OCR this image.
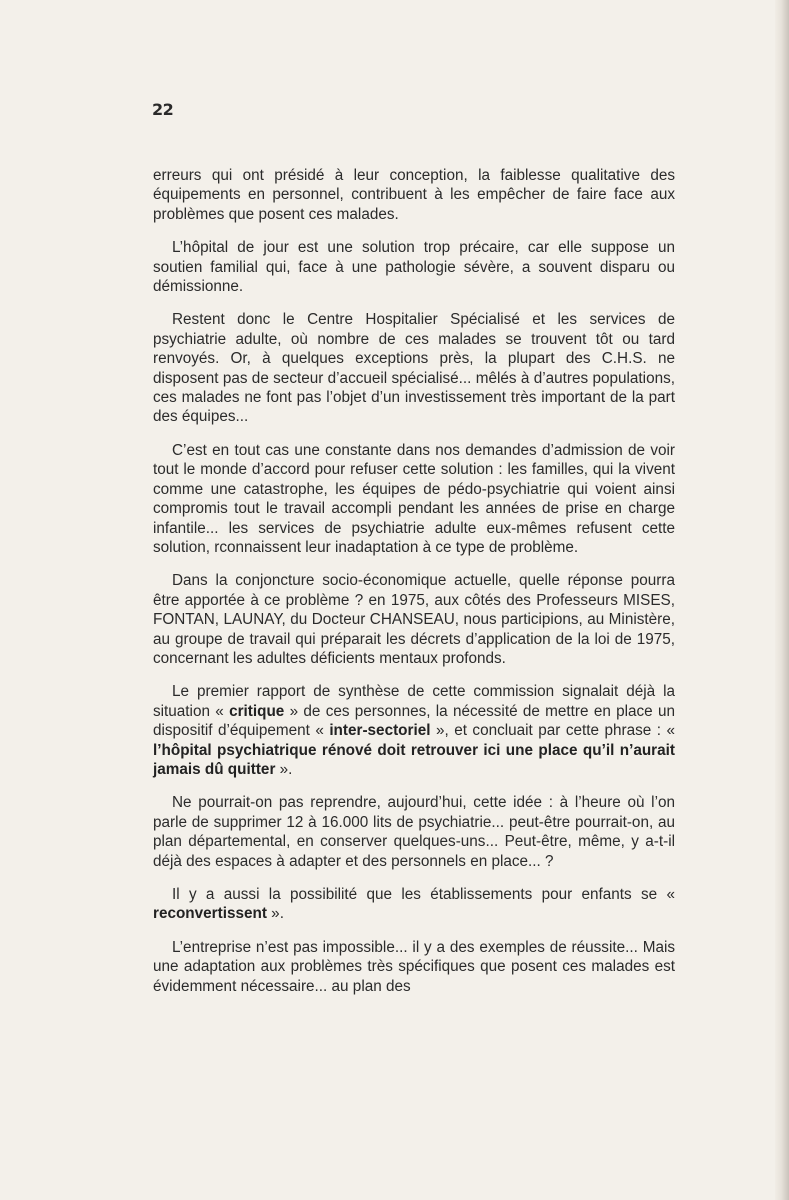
22

erreurs qui ont présidé à leur conception, la faiblesse qualitative des équipements en personnel, contribuent à les empêcher de faire face aux problèmes que posent ces malades.

L’hôpital de jour est une solution trop précaire, car elle suppose un soutien familial qui, face à une pathologie sévère, a souvent disparu ou démissionne.

Restent donc le Centre Hospitalier Spécialisé et les services de psychiatrie adulte, où nombre de ces malades se trouvent tôt ou tard renvoyés. Or, à quelques exceptions près, la plupart des C.H.S. ne disposent pas de secteur d’accueil spécialisé... mêlés à d’autres populations, ces malades ne font pas l’objet d’un investissement très important de la part des équipes...

C’est en tout cas une constante dans nos demandes d’admission de voir tout le monde d’accord pour refuser cette solution : les familles, qui la vivent comme une catastrophe, les équipes de pédo-psychiatrie qui voient ainsi compromis tout le travail accompli pendant les années de prise en charge infantile... les services de psychiatrie adulte eux-mêmes refusent cette solution, rconnaissent leur inadaptation à ce type de problème.

Dans la conjoncture socio-économique actuelle, quelle réponse pourra être apportée à ce problème ? en 1975, aux côtés des Professeurs MISES, FONTAN, LAUNAY, du Docteur CHANSEAU, nous participions, au Ministère, au groupe de travail qui préparait les décrets d’application de la loi de 1975, concernant les adultes déficients mentaux profonds.

Le premier rapport de synthèse de cette commission signalait déjà la situation « critique » de ces personnes, la nécessité de mettre en place un dispositif d’équipement « inter-sectoriel », et concluait par cette phrase : « l’hôpital psychiatrique rénové doit retrouver ici une place qu’il n’aurait jamais dû quitter ».

Ne pourrait-on pas reprendre, aujourd’hui, cette idée : à l’heure où l’on parle de supprimer 12 à 16.000 lits de psychiatrie... peut-être pourrait-on, au plan départemental, en conserver quelques-uns... Peut-être, même, y a-t-il déjà des espaces à adapter et des personnels en place... ?

Il y a aussi la possibilité que les établissements pour enfants se « reconvertissent ».

L’entreprise n’est pas impossible... il y a des exemples de réussite... Mais une adaptation aux problèmes très spécifiques que posent ces malades est évidemment nécessaire... au plan des
